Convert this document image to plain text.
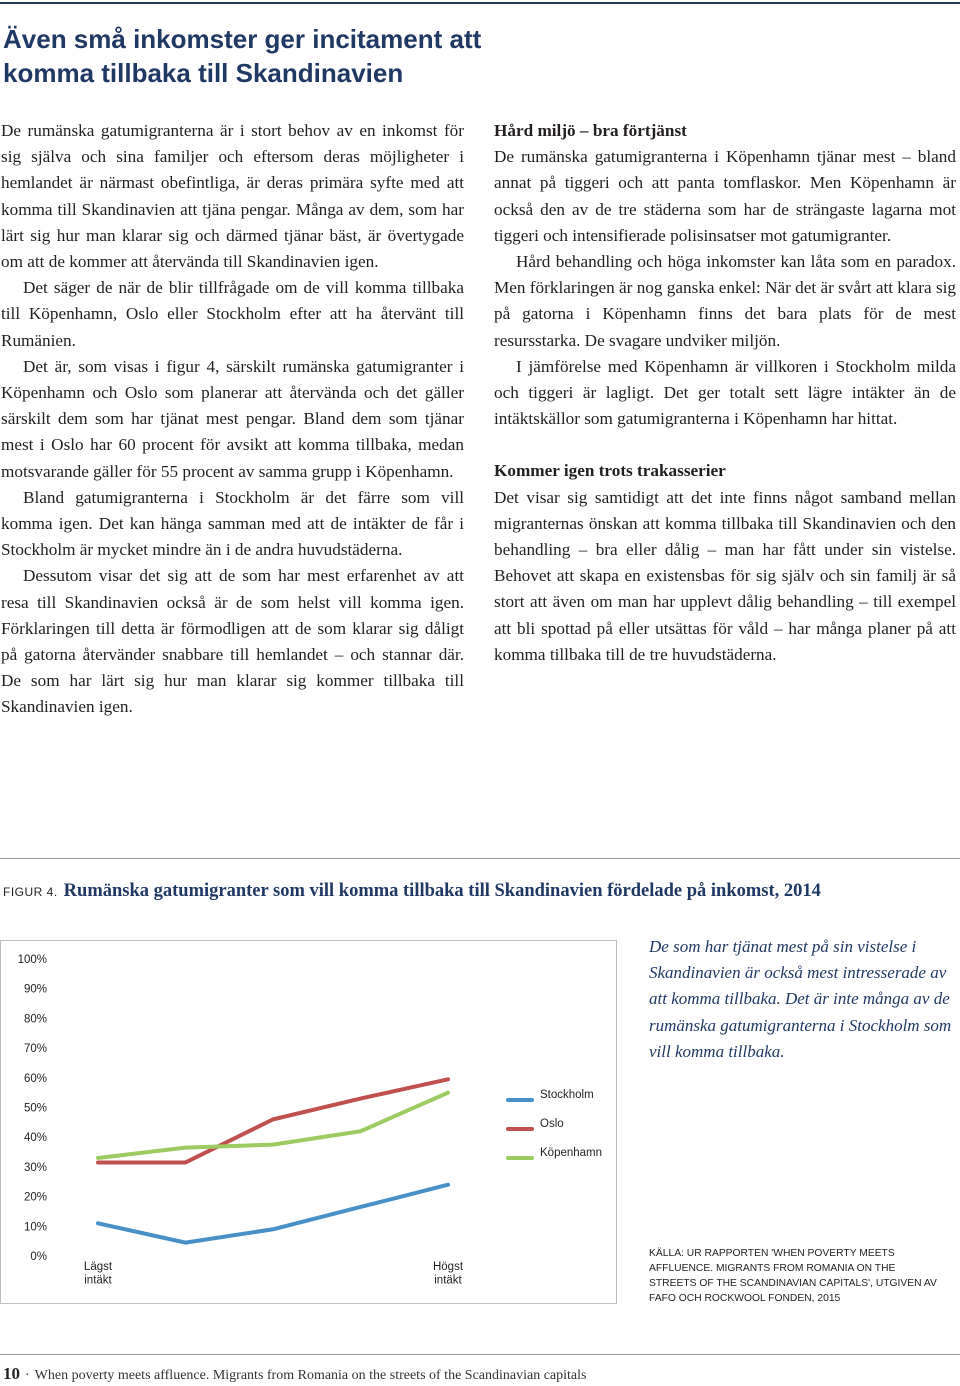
Även små inkomster ger incitament att komma tillbaka till Skandinavien

De rumänska gatumigranterna är i stort behov av en inkomst för sig själva och sina familjer och eftersom deras möjligheter i hemlandet är närmast obefintliga, är deras primära syfte med att komma till Skandinavien att tjäna pengar. Många av dem, som har lärt sig hur man klarar sig och därmed tjänar bäst, är övertygade om att de kommer att återvända till Skandinavien igen.

Det säger de när de blir tillfrågade om de vill komma tillbaka till Köpenhamn, Oslo eller Stockholm efter att ha återvänt till Rumänien.

Det är, som visas i figur 4, särskilt rumänska gatumigranter i Köpenhamn och Oslo som planerar att återvända och det gäller särskilt dem som har tjänat mest pengar. Bland dem som tjänar mest i Oslo har 60 procent för avsikt att komma tillbaka, medan motsvarande gäller för 55 procent av samma grupp i Köpenhamn.

Bland gatumigranterna i Stockholm är det färre som vill komma igen. Det kan hänga samman med att de intäkter de får i Stockholm är mycket mindre än i de andra huvudstäderna.

Dessutom visar det sig att de som har mest erfarenhet av att resa till Skandinavien också är de som helst vill komma igen. Förklaringen till detta är förmodligen att de som klarar sig dåligt på gatorna återvänder snabbare till hemlandet – och stannar där. De som har lärt sig hur man klarar sig kommer tillbaka till Skandinavien igen.

Hård miljö – bra förtjänst

De rumänska gatumigranterna i Köpenhamn tjänar mest – bland annat på tiggeri och att panta tomflaskor. Men Köpenhamn är också den av de tre städerna som har de strängaste lagarna mot tiggeri och intensifierade polisinsatser mot gatumigranter.

Hård behandling och höga inkomster kan låta som en paradox. Men förklaringen är nog ganska enkel: När det är svårt att klara sig på gatorna i Köpenhamn finns det bara plats för de mest resursstarka. De svagare undviker miljön.

I jämförelse med Köpenhamn är villkoren i Stockholm milda och tiggeri är lagligt. Det ger totalt sett lägre intäkter än de intäktskällor som gatumigranterna i Köpenhamn har hittat.

Kommer igen trots trakasserier

Det visar sig samtidigt att det inte finns något samband mellan migranternas önskan att komma tillbaka till Skandinavien och den behandling – bra eller dålig – man har fått under sin vistelse. Behovet att skapa en existensbas för sig själv och sin familj är så stort att även om man har upplevt dålig behandling – till exempel att bli spottad på eller utsättas för våld – har många planer på att komma tillbaka till de tre huvudstäderna.

FIGUR 4. Rumänska gatumigranter som vill komma tillbaka till Skandinavien fördelade på inkomst, 2014

0%
10%
20%
30%
40%
50%
60%
70%
80%
90%
100%
Lägst
intäkt
Högst
intäkt
Stockholm
Oslo
Köpenhamn

De som har tjänat mest på sin vistelse i Skandinavien är också mest intresserade av att komma tillbaka. Det är inte många av de rumänska gatumigranterna i Stockholm som vill komma tillbaka.

KÄLLA: UR RAPPORTEN 'WHEN POVERTY MEETS AFFLUENCE. MIGRANTS FROM ROMANIA ON THE STREETS OF THE SCANDINAVIAN CAPITALS', UTGIVEN AV FAFO OCH ROCKWOOL FONDEN, 2015

10 · When poverty meets affluence. Migrants from Romania on the streets of the Scandinavian capitals
